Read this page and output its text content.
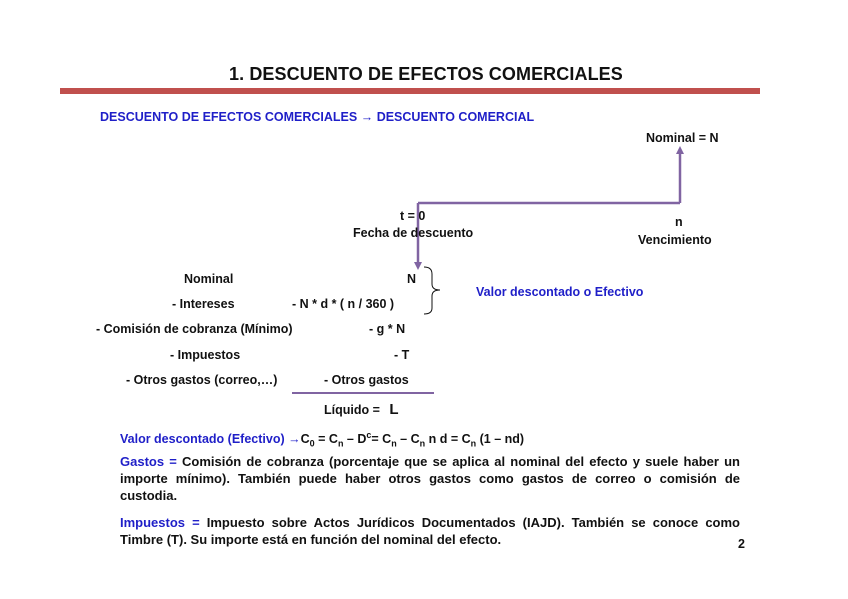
1. DESCUENTO DE EFECTOS COMERCIALES
DESCUENTO DE EFECTOS COMERCIALES → DESCUENTO COMERCIAL
Nominal = N
t = 0
Fecha de descuento
n
Vencimiento
Nominal	N
- Intereses	- N * d * ( n / 360 )
- Comisión de cobranza (Mínimo)	- g * N
- Impuestos	- T
- Otros gastos (correo,…)	- Otros gastos
Valor descontado o Efectivo
Líquido = L
Valor descontado (Efectivo) $\to C_0 = C_n - D^c= C_n - C_n$ n $d = C_n$ (1 – nd)
Gastos = Comisión de cobranza (porcentaje que se aplica al nominal del efecto y suele haber un importe mínimo). También puede haber otros gastos como gastos de correo o comisión de custodia.
Impuestos = Impuesto sobre Actos Jurídicos Documentados (IAJD). También se conoce como Timbre (T). Su importe está en función del nominal del efecto.	2
